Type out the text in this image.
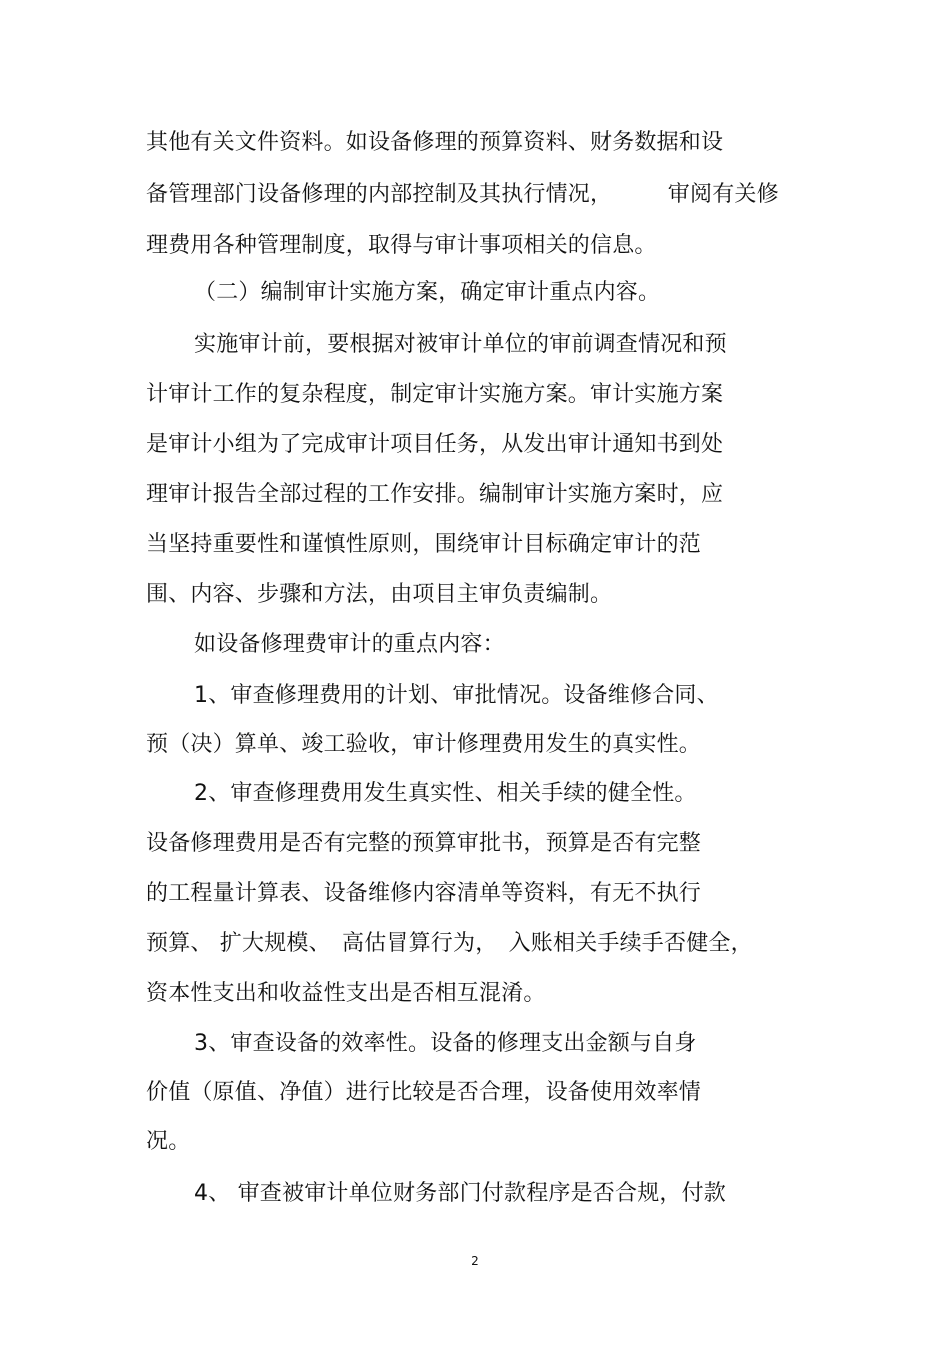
其他有关文件资料。如设备修理的预算资料、财务数据和设
备管理部门设备修理的内部控制及其执行情况，　　　审阅有关修
理费用各种管理制度，取得与审计事项相关的信息。
（二）编制审计实施方案，确定审计重点内容。
实施审计前，要根据对被审计单位的审前调查情况和预
计审计工作的复杂程度，制定审计实施方案。审计实施方案
是审计小组为了完成审计项目任务，从发出审计通知书到处
理审计报告全部过程的工作安排。编制审计实施方案时，应
当坚持重要性和谨慎性原则，围绕审计目标确定审计的范
围、内容、步骤和方法，由项目主审负责编制。
如设备修理费审计的重点内容：
1、审查修理费用的计划、审批情况。设备维修合同、
预（决）算单、竣工验收，审计修理费用发生的真实性。
2、审查修理费用发生真实性、相关手续的健全性。
设备修理费用是否有完整的预算审批书，预算是否有完整
的工程量计算表、设备维修内容清单等资料，有无不执行
预算、 扩大规模、　高估冒算行为，　入账相关手续手否健全，
资本性支出和收益性支出是否相互混淆。
3、审查设备的效率性。设备的修理支出金额与自身
价值（原值、净值）进行比较是否合理，设备使用效率情
况。
4、 审查被审计单位财务部门付款程序是否合规，付款
2
